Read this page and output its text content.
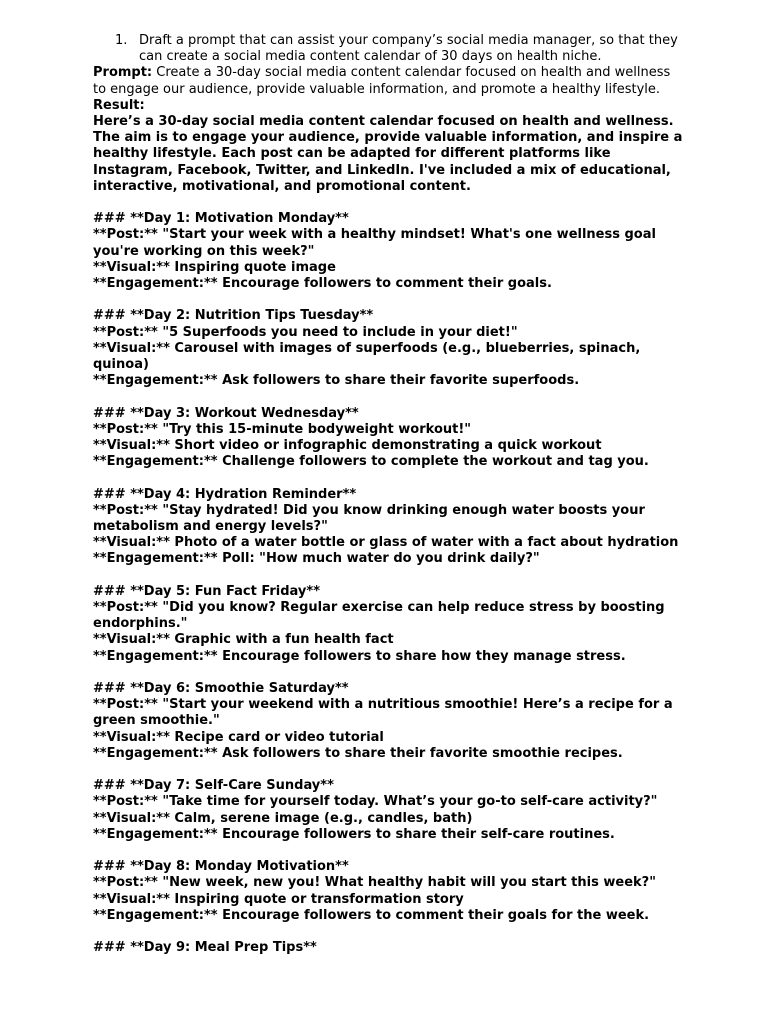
1. Draft a prompt that can assist your company’s social media manager, so that they can create a social media content calendar of 30 days on health niche.

Prompt: Create a 30-day social media content calendar focused on health and wellness to engage our audience, provide valuable information, and promote a healthy lifestyle.

Result:

Here’s a 30-day social media content calendar focused on health and wellness. The aim is to engage your audience, provide valuable information, and inspire a healthy lifestyle. Each post can be adapted for different platforms like Instagram, Facebook, Twitter, and LinkedIn. I've included a mix of educational, interactive, motivational, and promotional content.

### **Day 1: Motivation Monday**

**Post:** "Start your week with a healthy mindset! What's one wellness goal you're working on this week?"

**Visual:** Inspiring quote image

**Engagement:** Encourage followers to comment their goals.

### **Day 2: Nutrition Tips Tuesday**

**Post:** "5 Superfoods you need to include in your diet!"

**Visual:** Carousel with images of superfoods (e.g., blueberries, spinach, quinoa)

**Engagement:** Ask followers to share their favorite superfoods.

### **Day 3: Workout Wednesday**

**Post:** "Try this 15-minute bodyweight workout!"

**Visual:** Short video or infographic demonstrating a quick workout

**Engagement:** Challenge followers to complete the workout and tag you.

### **Day 4: Hydration Reminder**

**Post:** "Stay hydrated! Did you know drinking enough water boosts your metabolism and energy levels?"

**Visual:** Photo of a water bottle or glass of water with a fact about hydration

**Engagement:** Poll: "How much water do you drink daily?"

### **Day 5: Fun Fact Friday**

**Post:** "Did you know? Regular exercise can help reduce stress by boosting endorphins."

**Visual:** Graphic with a fun health fact

**Engagement:** Encourage followers to share how they manage stress.

### **Day 6: Smoothie Saturday**

**Post:** "Start your weekend with a nutritious smoothie! Here’s a recipe for a green smoothie."

**Visual:** Recipe card or video tutorial

**Engagement:** Ask followers to share their favorite smoothie recipes.

### **Day 7: Self-Care Sunday**

**Post:** "Take time for yourself today. What’s your go-to self-care activity?"

**Visual:** Calm, serene image (e.g., candles, bath)

**Engagement:** Encourage followers to share their self-care routines.

### **Day 8: Monday Motivation**

**Post:** "New week, new you! What healthy habit will you start this week?"

**Visual:** Inspiring quote or transformation story

**Engagement:** Encourage followers to comment their goals for the week.

### **Day 9: Meal Prep Tips**
